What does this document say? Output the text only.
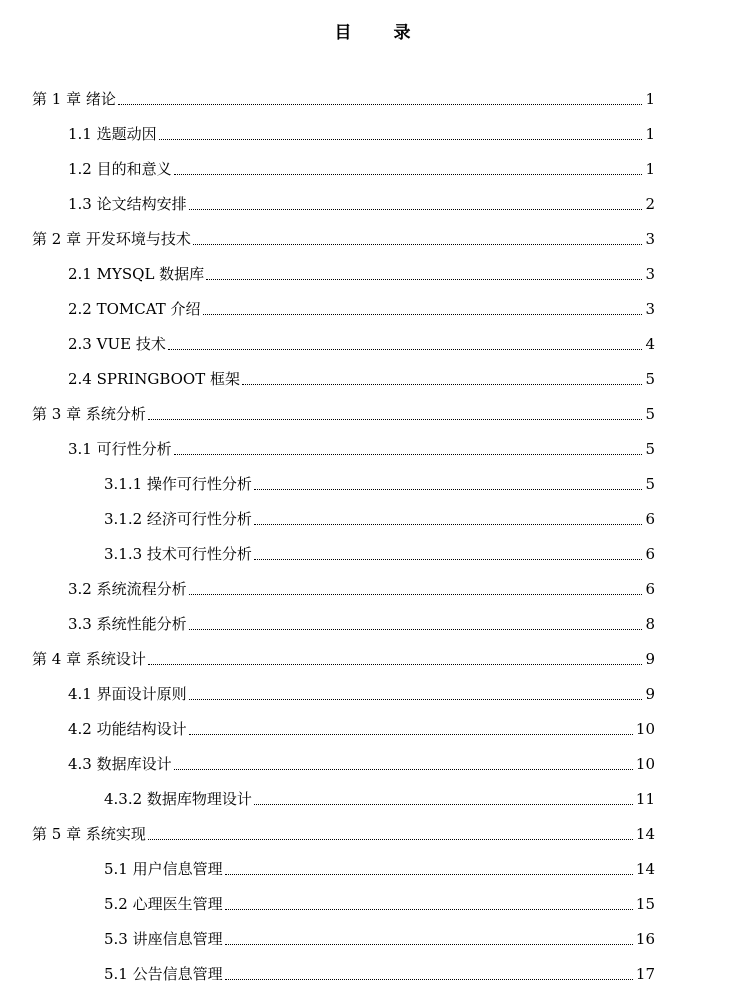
目 录
第 1 章 绪论	1
1.1 选题动因	1
1.2 目的和意义	1
1.3 论文结构安排	2
第 2 章 开发环境与技术	3
2.1 MYSQL 数据库	3
2.2 TOMCAT 介绍	3
2.3 VUE 技术	4
2.4 SPRINGBOOT 框架	5
第 3 章 系统分析	5
3.1 可行性分析	5
3.1.1 操作可行性分析	5
3.1.2 经济可行性分析	6
3.1.3 技术可行性分析	6
3.2 系统流程分析	6
3.3 系统性能分析	8
第 4 章 系统设计	9
4.1 界面设计原则	9
4.2 功能结构设计	10
4.3 数据库设计	10
4.3.2 数据库物理设计	11
第 5 章 系统实现	14
5.1 用户信息管理	14
5.2 心理医生管理	15
5.3 讲座信息管理	16
5.1 公告信息管理	17
